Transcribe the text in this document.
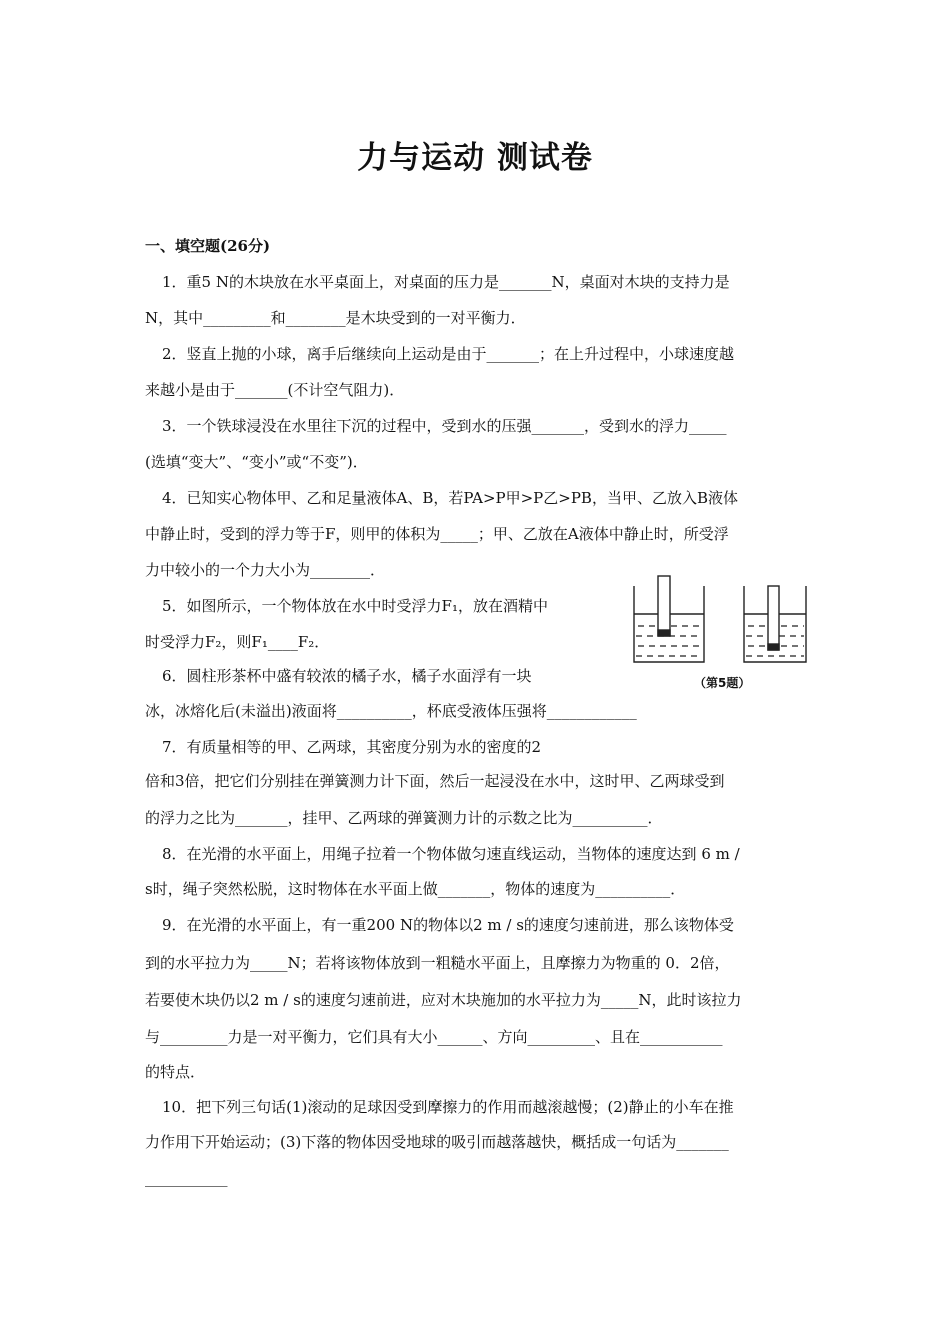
力与运动 测试卷
一、填空题(26分)
1．重5 N的木块放在水平桌面上，对桌面的压力是_______N，桌面对木块的支持力是
N，其中_________和________是木块受到的一对平衡力．
2．竖直上抛的小球，离手后继续向上运动是由于_______；在上升过程中，小球速度越
来越小是由于_______(不计空气阻力)．
3．一个铁球浸没在水里往下沉的过程中，受到水的压强_______，受到水的浮力_____
(选填“变大”、“变小”或“不变”)．
4．已知实心物体甲、乙和足量液体A、B，若PA>P甲>P乙>PB，当甲、乙放入B液体
中静止时，受到的浮力等于F，则甲的体积为_____；甲、乙放在A液体中静止时，所受浮
力中较小的一个力大小为________．
5．如图所示，一个物体放在水中时受浮力F₁，放在酒精中
时受浮力F₂，则F₁____F₂．
6．圆柱形茶杯中盛有较浓的橘子水，橘子水面浮有一块
冰，冰熔化后(未溢出)液面将__________，杯底受液体压强将____________
7．有质量相等的甲、乙两球，其密度分别为水的密度的2
倍和3倍，把它们分别挂在弹簧测力计下面，然后一起浸没在水中，这时甲、乙两球受到
的浮力之比为_______，挂甲、乙两球的弹簧测力计的示数之比为__________．
8．在光滑的水平面上，用绳子拉着一个物体做匀速直线运动，当物体的速度达到 6 m /
s时，绳子突然松脱，这时物体在水平面上做_______，物体的速度为__________．
9．在光滑的水平面上，有一重200 N的物体以2 m / s的速度匀速前进，那么该物体受
到的水平拉力为_____N；若将该物体放到一粗糙水平面上，且摩擦力为物重的 0．2倍，
若要使木块仍以2 m / s的速度匀速前进，应对木块施加的水平拉力为_____N，此时该拉力
与_________力是一对平衡力，它们具有大小______、方向_________、且在___________
的特点．
10．把下列三句话(1)滚动的足球因受到摩擦力的作用而越滚越慢；(2)静止的小车在推
力作用下开始运动；(3)下落的物体因受地球的吸引而越落越快，概括成一句话为_______
___________
（第5题）
